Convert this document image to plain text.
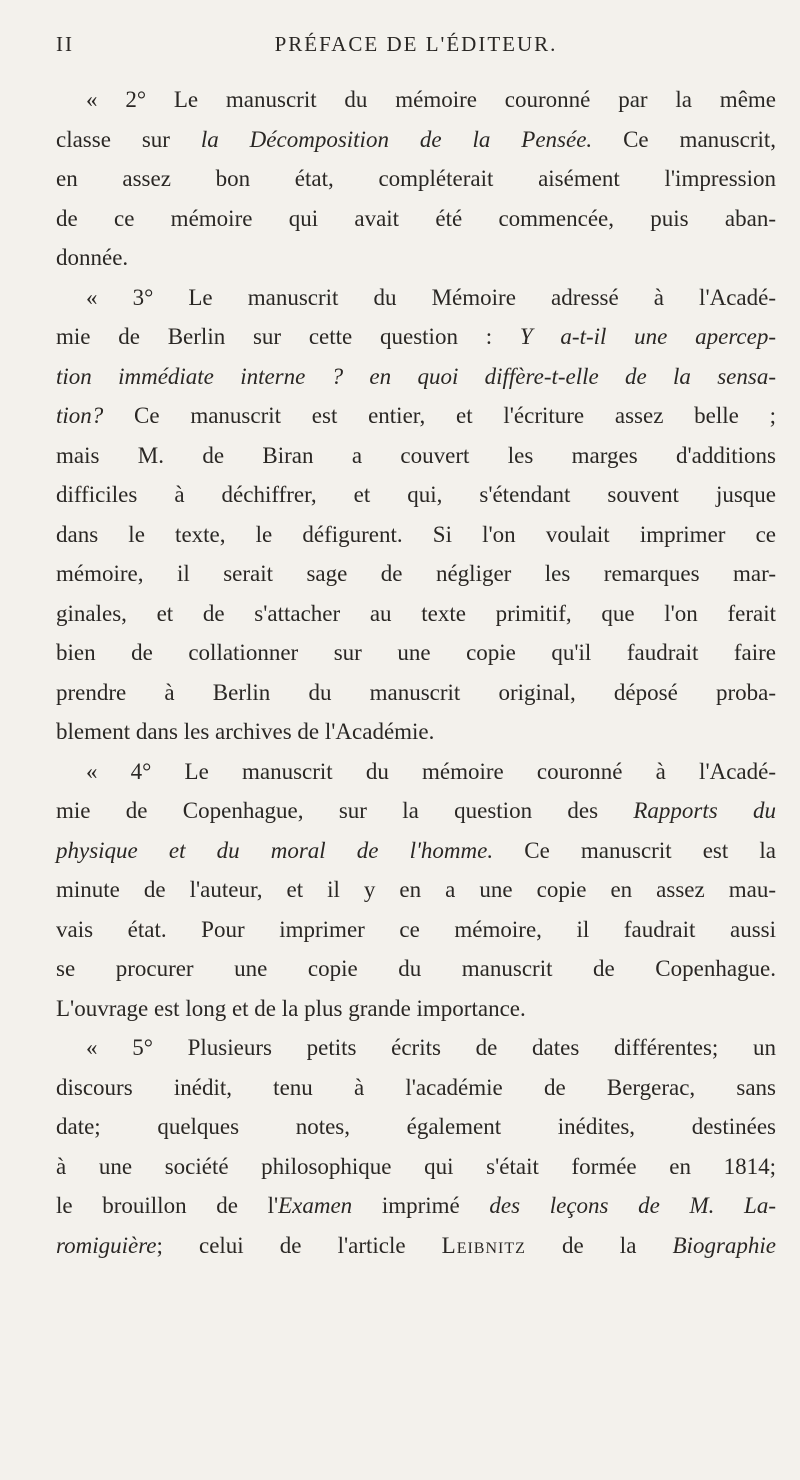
II	PRÉFACE DE L'ÉDITEUR.
« 2° Le manuscrit du mémoire couronné par la même
classe sur la Décomposition de la Pensée. Ce manuscrit,
en assez bon état, compléterait aisément l'impression
de ce mémoire qui avait été commencée, puis aban-
donnée.
« 3° Le manuscrit du Mémoire adressé à l'Acadé-
mie de Berlin sur cette question : Y a-t-il une apercep-
tion immédiate interne ? en quoi diffère-t-elle de la sensa-
tion? Ce manuscrit est entier, et l'écriture assez belle ;
mais M. de Biran a couvert les marges d'additions
difficiles à déchiffrer, et qui, s'étendant souvent jusque
dans le texte, le défigurent. Si l'on voulait imprimer ce
mémoire, il serait sage de négliger les remarques mar-
ginales, et de s'attacher au texte primitif, que l'on ferait
bien de collationner sur une copie qu'il faudrait faire
prendre à Berlin du manuscrit original, déposé proba-
blement dans les archives de l'Académie.
« 4° Le manuscrit du mémoire couronné à l'Acadé-
mie de Copenhague, sur la question des Rapports du
physique et du moral de l'homme. Ce manuscrit est la
minute de l'auteur, et il y en a une copie en assez mau-
vais état. Pour imprimer ce mémoire, il faudrait aussi
se procurer une copie du manuscrit de Copenhague.
L'ouvrage est long et de la plus grande importance.
« 5° Plusieurs petits écrits de dates différentes; un
discours inédit, tenu à l'académie de Bergerac, sans
date; quelques notes, également inédites, destinées
à une société philosophique qui s'était formée en 1814;
le brouillon de l'Examen imprimé des leçons de M. La-
romiguière; celui de l'article Leibnitz de la Biographie
